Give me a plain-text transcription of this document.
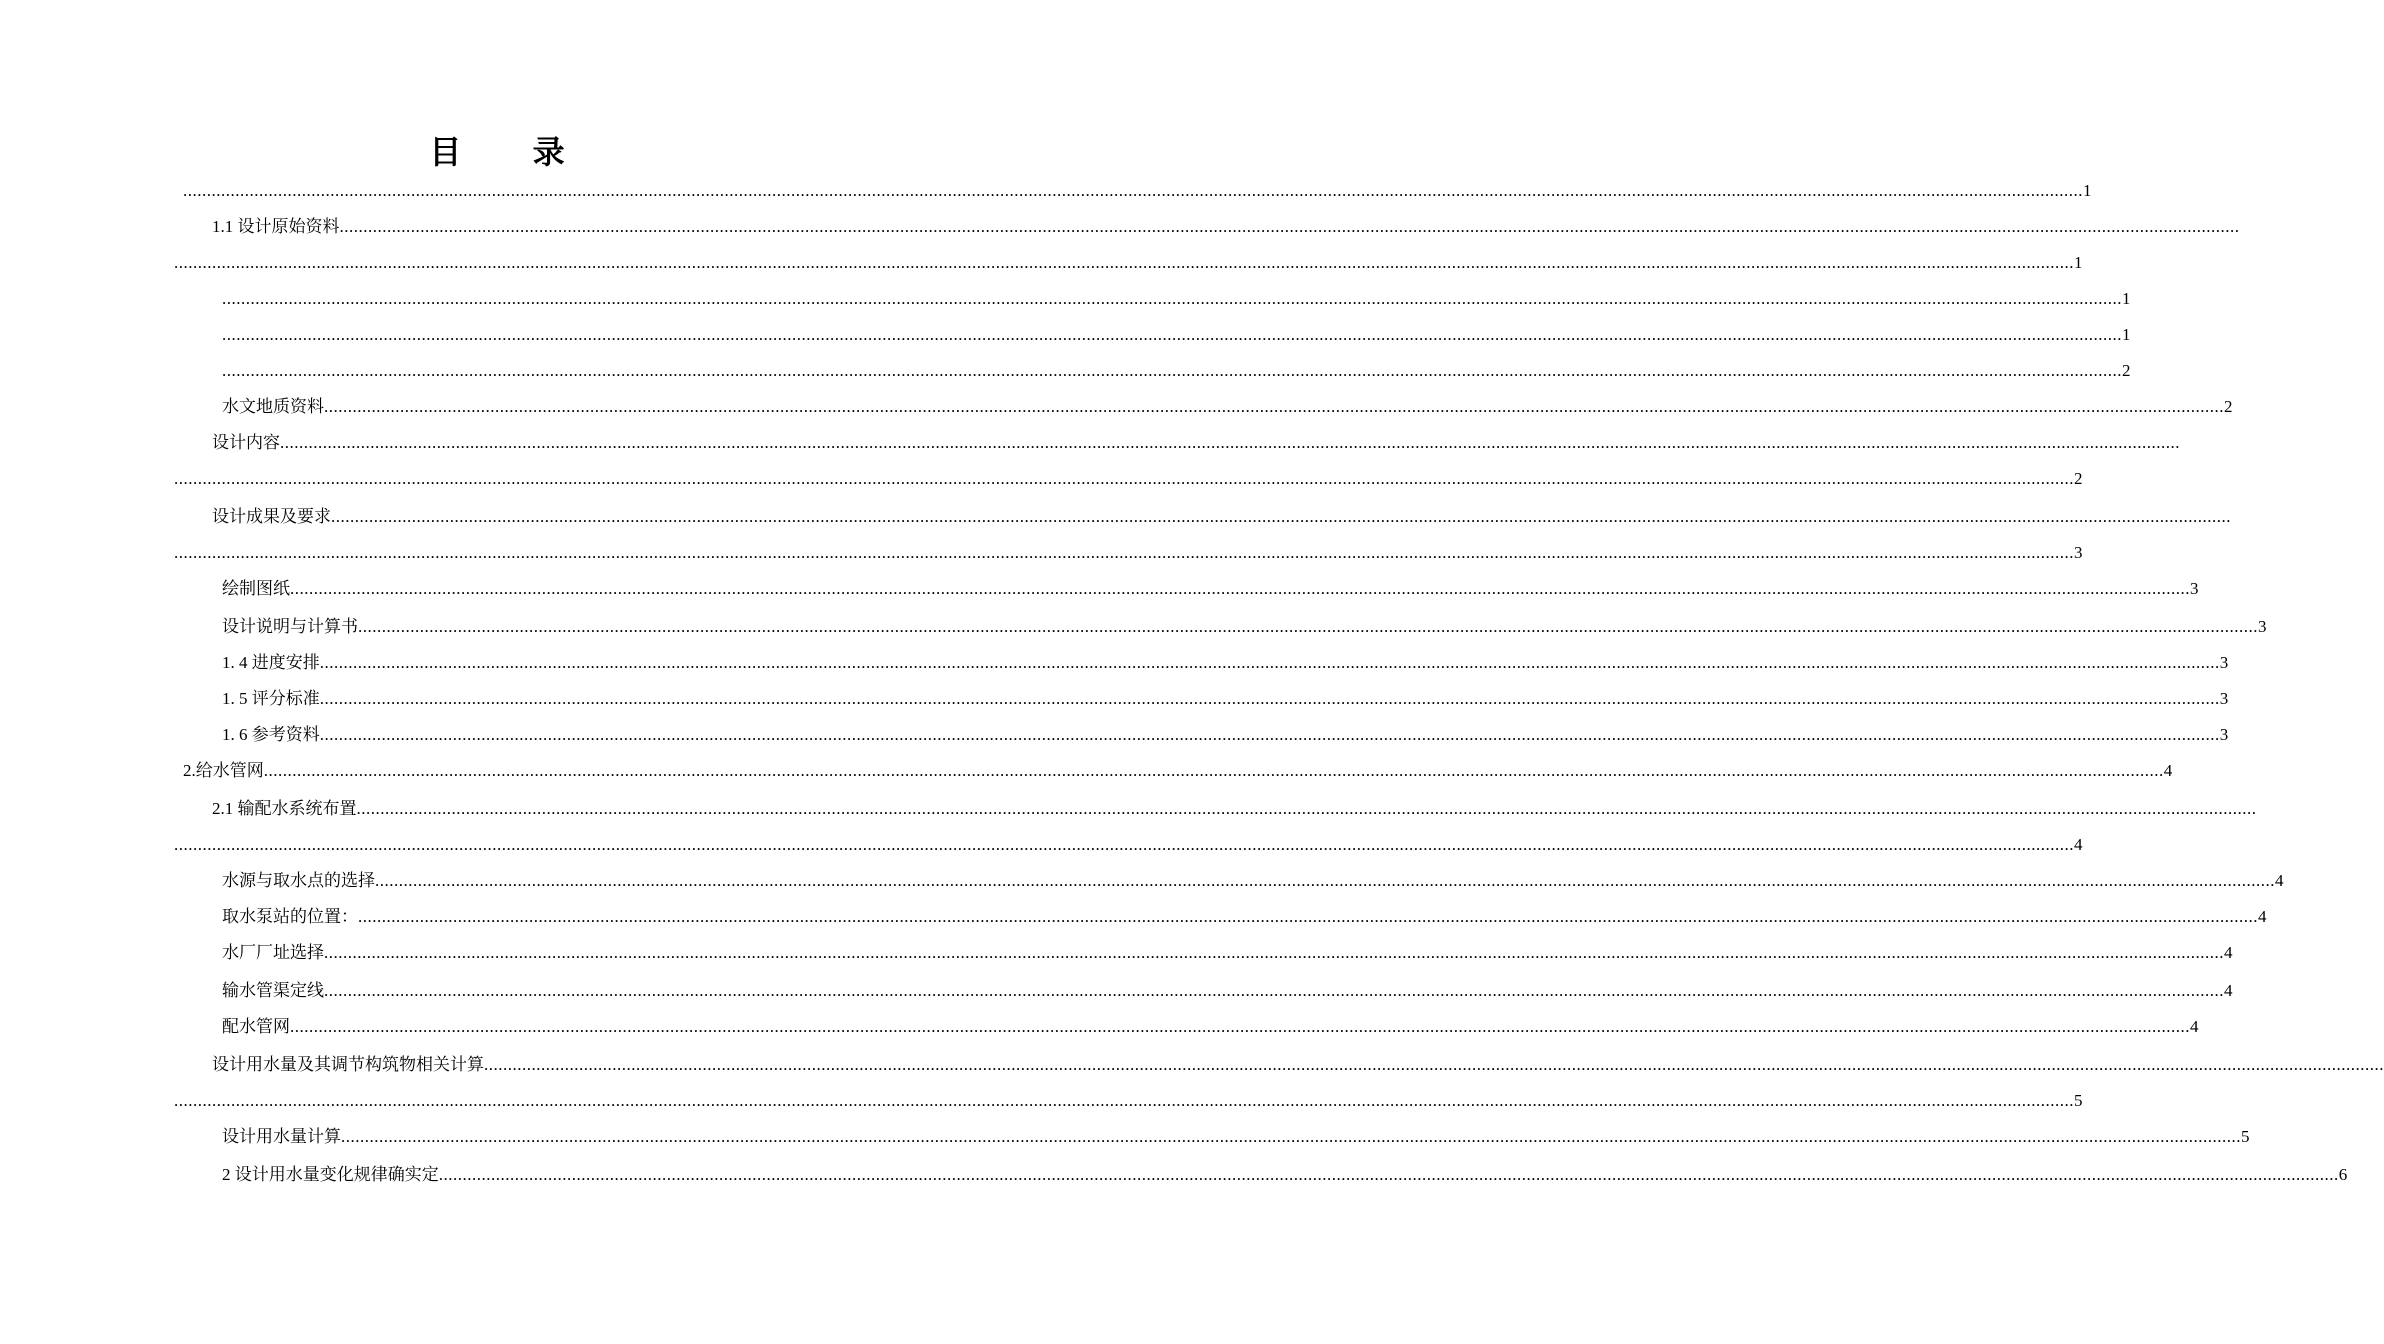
目 录
................................................................................................................................................................................................................................................................................................................................................................................................................ 1
1.1 设计原始资料 ................................................................................................................................................................................................................................................................................................................................................................................................................
................................................................................................................................................................................................................................................................................................................................................................................................................ 1
................................................................................................................................................................................................................................................................................................................................................................................................................ 1
................................................................................................................................................................................................................................................................................................................................................................................................................ 1
................................................................................................................................................................................................................................................................................................................................................................................................................ 2
水文地质资料 ................................................................................................................................................................................................................................................................................................................................................................................................................ 2
设计内容 ................................................................................................................................................................................................................................................................................................................................................................................................................
................................................................................................................................................................................................................................................................................................................................................................................................................ 2
设计成果及要求 ................................................................................................................................................................................................................................................................................................................................................................................................................
................................................................................................................................................................................................................................................................................................................................................................................................................ 3
绘制图纸 ................................................................................................................................................................................................................................................................................................................................................................................................................ 3
设计说明与计算书 ................................................................................................................................................................................................................................................................................................................................................................................................................ 3
1. 4 进度安排 ................................................................................................................................................................................................................................................................................................................................................................................................................ 3
1. 5 评分标准 ................................................................................................................................................................................................................................................................................................................................................................................................................ 3
1. 6 参考资料 ................................................................................................................................................................................................................................................................................................................................................................................................................ 3
2.给水管网 ................................................................................................................................................................................................................................................................................................................................................................................................................ 4
2.1 输配水系统布置 ................................................................................................................................................................................................................................................................................................................................................................................................................
................................................................................................................................................................................................................................................................................................................................................................................................................ 4
水源与取水点的选择 ................................................................................................................................................................................................................................................................................................................................................................................................................ 4
取水泵站的位置： ................................................................................................................................................................................................................................................................................................................................................................................................................ 4
水厂厂址选择 ................................................................................................................................................................................................................................................................................................................................................................................................................ 4
输水管渠定线 ................................................................................................................................................................................................................................................................................................................................................................................................................ 4
配水管网 ................................................................................................................................................................................................................................................................................................................................................................................................................ 4
设计用水量及其调节构筑物相关计算 ................................................................................................................................................................................................................................................................................................................................................................................................................
................................................................................................................................................................................................................................................................................................................................................................................................................ 5
设计用水量计算 ................................................................................................................................................................................................................................................................................................................................................................................................................ 5
2 设计用水量变化规律确实定 ................................................................................................................................................................................................................................................................................................................................................................................................................ 6
